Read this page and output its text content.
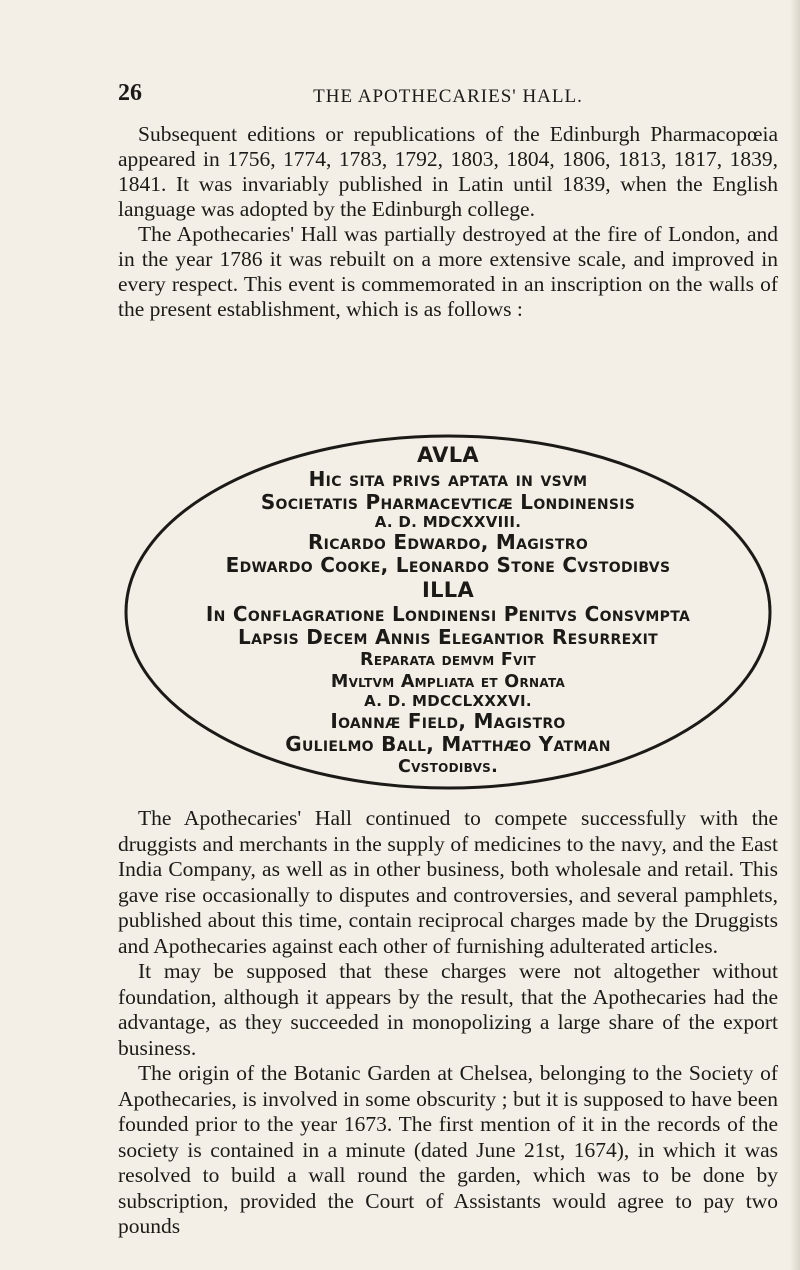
26	THE APOTHECARIES' HALL.

Subsequent editions or republications of the Edinburgh Pharmacopœia appeared in 1756, 1774, 1783, 1792, 1803, 1804, 1806, 1813, 1817, 1839, 1841. It was invariably published in Latin until 1839, when the English language was adopted by the Edinburgh college.

The Apothecaries' Hall was partially destroyed at the fire of London, and in the year 1786 it was rebuilt on a more extensive scale, and improved in every respect. This event is commemorated in an inscription on the walls of the present establishment, which is as follows :

AVLA
Hic sita privs aptata in vsvm
Societatis Pharmacevticæ Londinensis
A. D. MDCXXVIII.
Ricardo Edwardo, Magistro
Edwardo Cooke, Leonardo Stone Cvstodibvs
ILLA
In Conflagratione Londinensi Penitvs Consvmpta
Lapsis Decem Annis Elegantior Resurrexit
Reparata demvm Fvit
Mvltvm Ampliata et Ornata
A. D. MDCCLXXXVI.
Ioannæ Field, Magistro
Gulielmo Ball, Matthæo Yatman
Cvstodibvs.

The Apothecaries' Hall continued to compete successfully with the druggists and merchants in the supply of medicines to the navy, and the East India Company, as well as in other business, both wholesale and retail. This gave rise occasionally to disputes and controversies, and several pamphlets, published about this time, contain reciprocal charges made by the Druggists and Apothecaries against each other of furnishing adulterated articles.

It may be supposed that these charges were not altogether without foundation, although it appears by the result, that the Apothecaries had the advantage, as they succeeded in monopolizing a large share of the export business.

The origin of the Botanic Garden at Chelsea, belonging to the Society of Apothecaries, is involved in some obscurity ; but it is supposed to have been founded prior to the year 1673. The first mention of it in the records of the society is contained in a minute (dated June 21st, 1674), in which it was resolved to build a wall round the garden, which was to be done by subscription, provided the Court of Assistants would agree to pay two pounds
